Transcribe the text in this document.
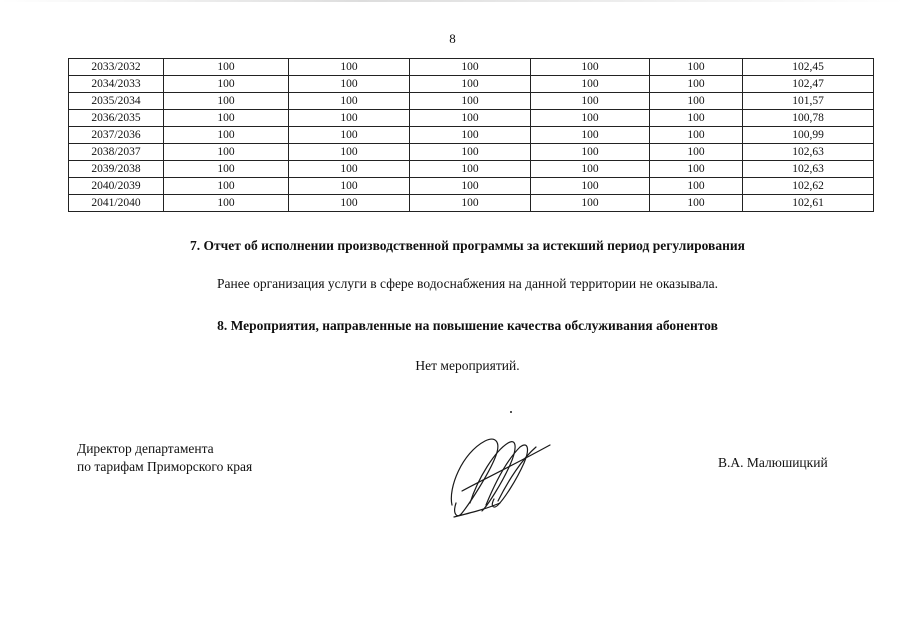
8
2033/2032	100	100	100	100	100	102,45
2034/2033	100	100	100	100	100	102,47
2035/2034	100	100	100	100	100	101,57
2036/2035	100	100	100	100	100	100,78
2037/2036	100	100	100	100	100	100,99
2038/2037	100	100	100	100	100	102,63
2039/2038	100	100	100	100	100	102,63
2040/2039	100	100	100	100	100	102,62
2041/2040	100	100	100	100	100	102,61
7. Отчет об исполнении производственной программы за истекший период регулирования
Ранее организация услуги в сфере водоснабжения на данной территории не оказывала.
8. Мероприятия, направленные на повышение качества обслуживания абонентов
Нет мероприятий.
Директор департамента
по тарифам Приморского края	В.А. Малюшицкий
